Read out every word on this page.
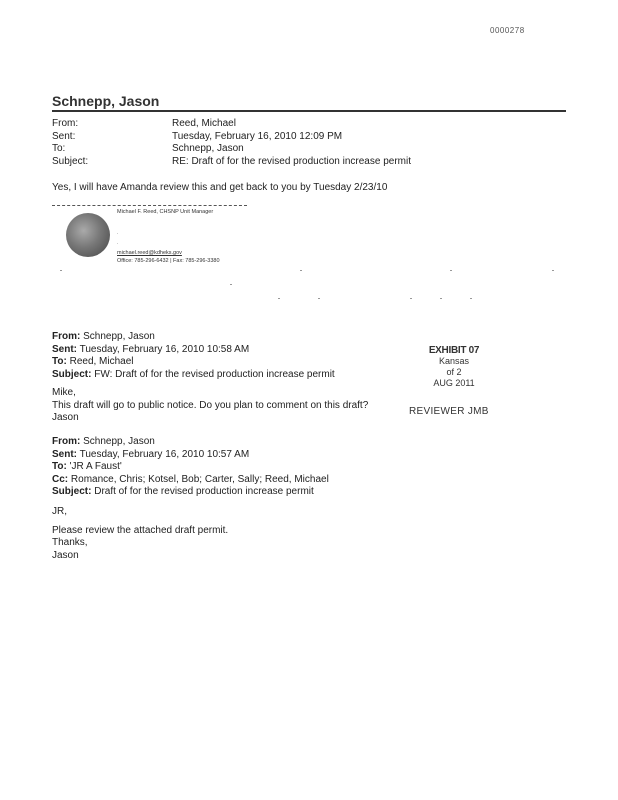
0000278
Schnepp, Jason
From:	Reed, Michael
Sent:	Tuesday, February 16, 2010 12:09 PM
To:	Schnepp, Jason
Subject:	RE: Draft of for the revised production increase permit
Yes, I will have Amanda review this and get back to you by Tuesday 2/23/10
Michael F. Reed, CHSNP Unit Manager
.
.
michael.reed@kdheks.gov
Office: 785-296-6432 | Fax: 785-296-3380
From: Schnepp, Jason
Sent: Tuesday, February 16, 2010 10:58 AM
To: Reed, Michael
Subject: FW: Draft of for the revised production increase permit
Mike,
This draft will go to public notice. Do you plan to comment on this draft?
Jason
EXHIBIT 07
Kansas
of 2
AUG 2011
REVIEWER JMB
From: Schnepp, Jason
Sent: Tuesday, February 16, 2010 10:57 AM
To: 'JR A Faust'
Cc: Romance, Chris; Kotsel, Bob; Carter, Sally; Reed, Michael
Subject: Draft of for the revised production increase permit
JR,
Please review the attached draft permit.
Thanks,
Jason
